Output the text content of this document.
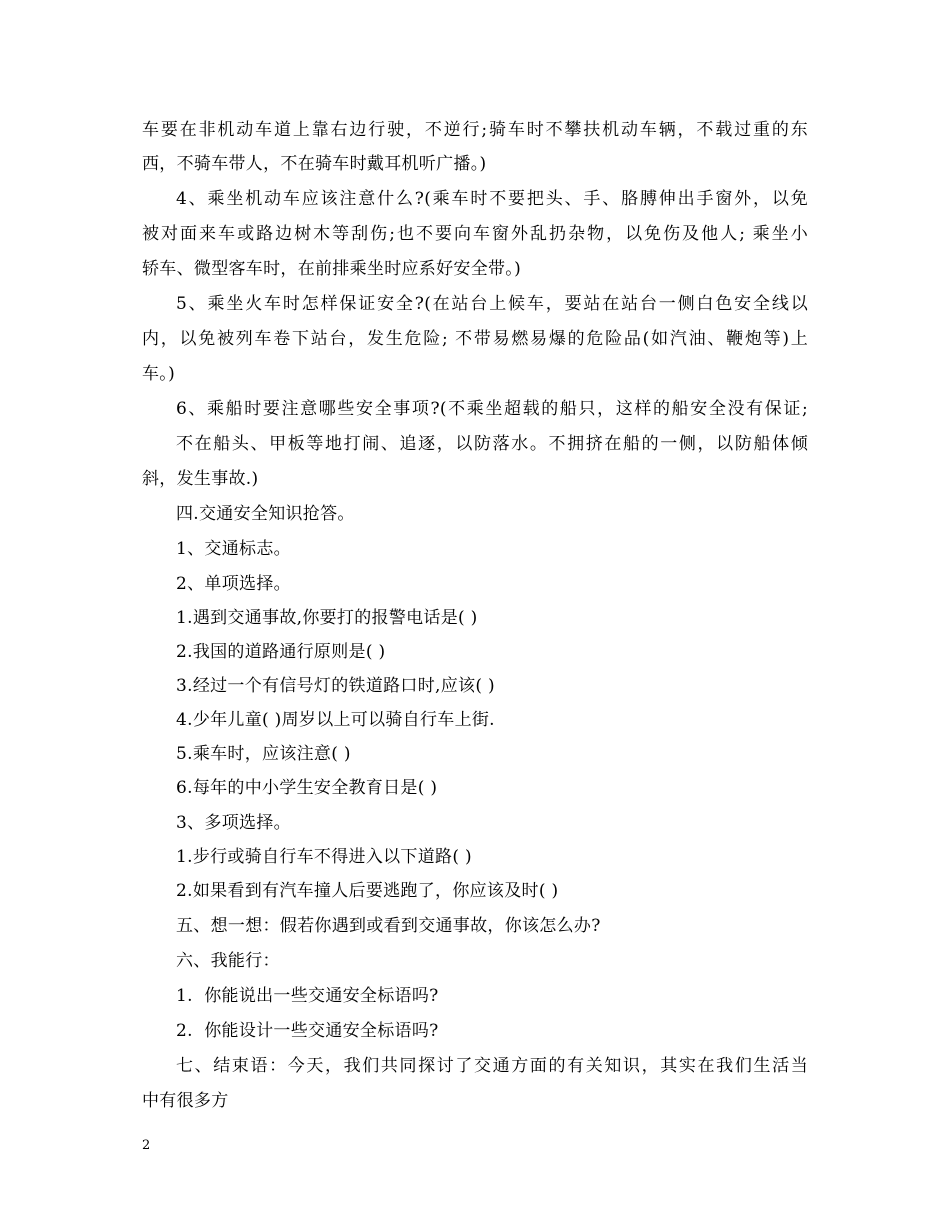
车要在非机动车道上靠右边行驶，不逆行;骑车时不攀扶机动车辆，不载过重的东
西，不骑车带人，不在骑车时戴耳机听广播。)
4、乘坐机动车应该注意什么?(乘车时不要把头、手、胳膊伸出手窗外，以免
被对面来车或路边树木等刮伤;也不要向车窗外乱扔杂物，以免伤及他人; 乘坐小
轿车、微型客车时，在前排乘坐时应系好安全带。)
5、乘坐火车时怎样保证安全?(在站台上候车，要站在站台一侧白色安全线以
内，以免被列车卷下站台，发生危险; 不带易燃易爆的危险品(如汽油、鞭炮等)上
车。)
6、乘船时要注意哪些安全事项?(不乘坐超载的船只，这样的船安全没有保证;
不在船头、甲板等地打闹、追逐，以防落水。不拥挤在船的一侧，以防船体倾
斜，发生事故.)
四.交通安全知识抢答。
1、交通标志。
2、单项选择。
1.遇到交通事故,你要打的报警电话是( )
2.我国的道路通行原则是( )
3.经过一个有信号灯的铁道路口时,应该( )
4.少年儿童( )周岁以上可以骑自行车上街.
5.乘车时，应该注意( )
6.每年的中小学生安全教育日是( )
3、多项选择。
1.步行或骑自行车不得进入以下道路( )
2.如果看到有汽车撞人后要逃跑了，你应该及时( )
五、想一想：假若你遇到或看到交通事故，你该怎么办?
六、我能行：
1.  你能说出一些交通安全标语吗?
2.  你能设计一些交通安全标语吗?
七、结束语：今天，我们共同探讨了交通方面的有关知识，其实在我们生活当
中有很多方
2
